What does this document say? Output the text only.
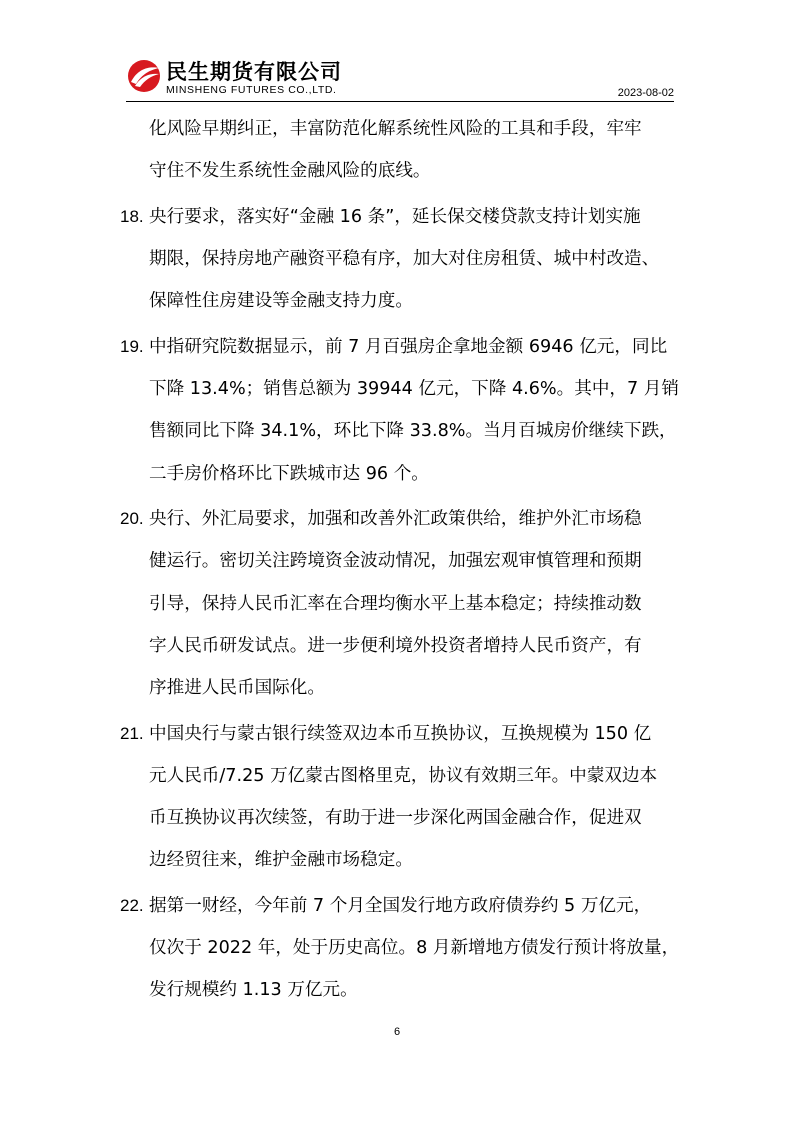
民生期货有限公司
MINSHENG FUTURES CO.,LTD.	2023-08-02
化风险早期纠正，丰富防范化解系统性风险的工具和手段，牢牢
守住不发生系统性金融风险的底线。
18. 央行要求，落实好“金融 16 条”，延长保交楼贷款支持计划实施
期限，保持房地产融资平稳有序，加大对住房租赁、城中村改造、
保障性住房建设等金融支持力度。
19. 中指研究院数据显示，前 7 月百强房企拿地金额 6946 亿元，同比
下降 13.4%；销售总额为 39944 亿元，下降 4.6%。其中，7 月销
售额同比下降 34.1%，环比下降 33.8%。当月百城房价继续下跌，
二手房价格环比下跌城市达 96 个。
20. 央行、外汇局要求，加强和改善外汇政策供给，维护外汇市场稳
健运行。密切关注跨境资金波动情况，加强宏观审慎管理和预期
引导，保持人民币汇率在合理均衡水平上基本稳定；持续推动数
字人民币研发试点。进一步便利境外投资者增持人民币资产，有
序推进人民币国际化。
21. 中国央行与蒙古银行续签双边本币互换协议，互换规模为 150 亿
元人民币/7.25 万亿蒙古图格里克，协议有效期三年。中蒙双边本
币互换协议再次续签，有助于进一步深化两国金融合作，促进双
边经贸往来，维护金融市场稳定。
22. 据第一财经，今年前 7 个月全国发行地方政府债券约 5 万亿元，
仅次于 2022 年，处于历史高位。8 月新增地方债发行预计将放量，
发行规模约 1.13 万亿元。
6
